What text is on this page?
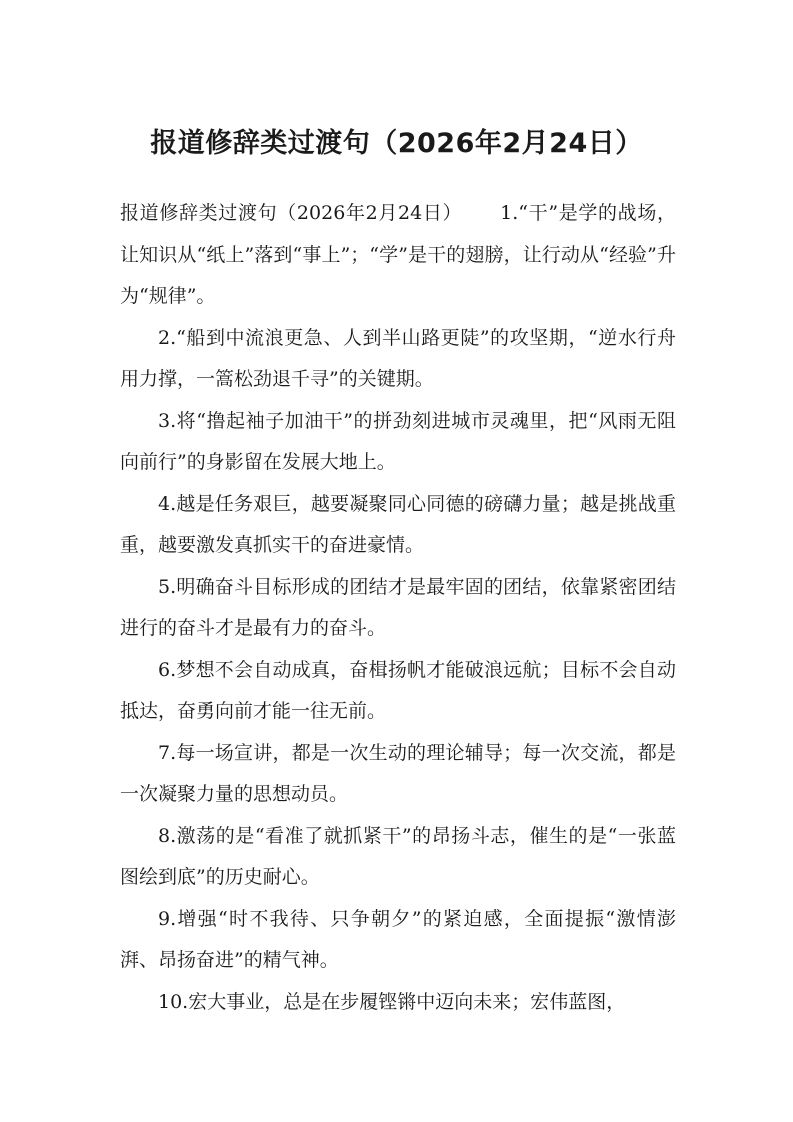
报道修辞类过渡句（2026年2月24日）

报道修辞类过渡句（2026年2月24日） 1.“干”是学的战场，让知识从“纸上”落到“事上”；“学”是干的翅膀，让行动从“经验”升为“规律”。

2.“船到中流浪更急、人到半山路更陡”的攻坚期，“逆水行舟用力撑，一篙松劲退千寻”的关键期。

3.将“撸起袖子加油干”的拼劲刻进城市灵魂里，把“风雨无阻向前行”的身影留在发展大地上。

4.越是任务艰巨，越要凝聚同心同德的磅礴力量；越是挑战重重，越要激发真抓实干的奋进豪情。

5.明确奋斗目标形成的团结才是最牢固的团结，依靠紧密团结进行的奋斗才是最有力的奋斗。

6.梦想不会自动成真，奋楫扬帆才能破浪远航；目标不会自动抵达，奋勇向前才能一往无前。

7.每一场宣讲，都是一次生动的理论辅导；每一次交流，都是一次凝聚力量的思想动员。

8.激荡的是“看准了就抓紧干”的昂扬斗志，催生的是“一张蓝图绘到底”的历史耐心。

9.增强“时不我待、只争朝夕”的紧迫感，全面提振“激情澎湃、昂扬奋进”的精气神。

10.宏大事业，总是在步履铿锵中迈向未来；宏伟蓝图，
